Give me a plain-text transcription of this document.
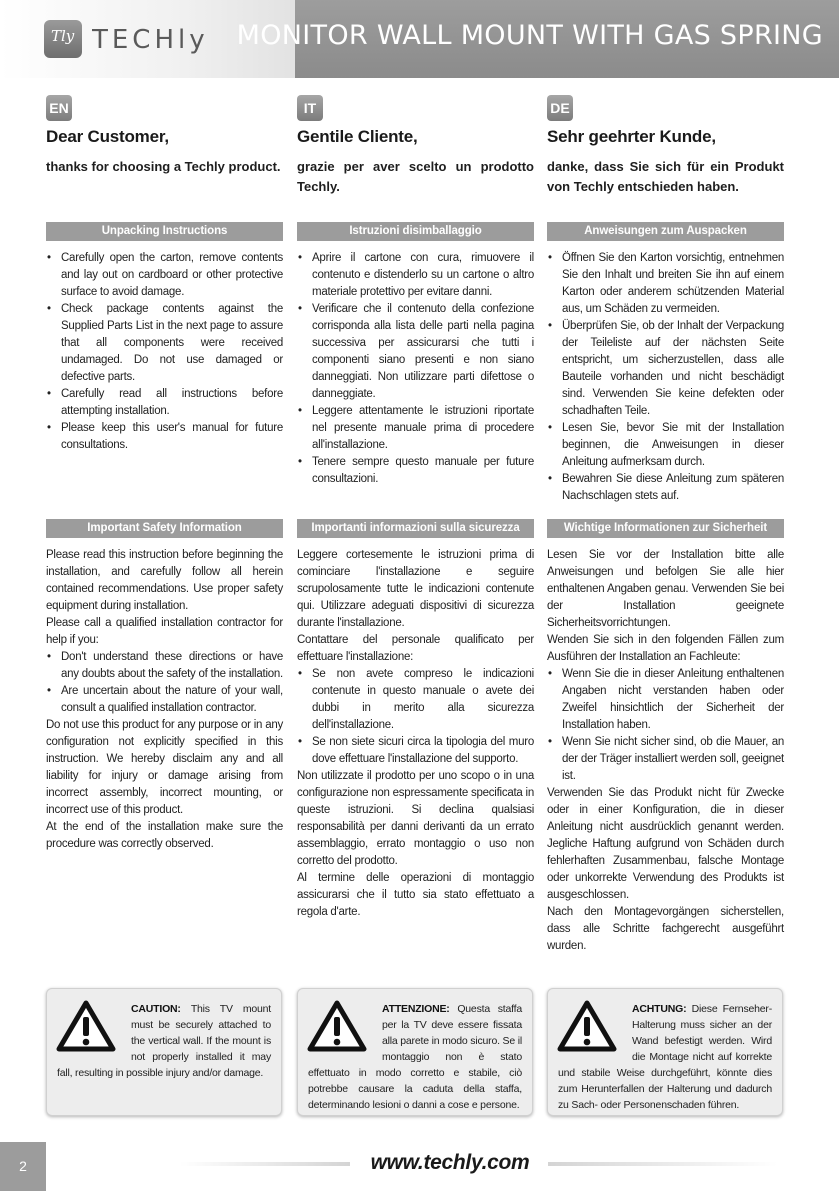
Tly TECHly MONITOR WALL MOUNT WITH GAS SPRING
EN
Dear Customer,
thanks for choosing a Techly product.
Unpacking Instructions
• Carefully open the carton, remove contents and lay out on cardboard or other protective surface to avoid damage.
• Check package contents against the Supplied Parts List in the next page to assure that all components were received undamaged. Do not use damaged or defective parts.
• Carefully read all instructions before attempting installation.
• Please keep this user's manual for future consultations.
Important Safety Information

Please read this instruction before beginning the installation, and carefully follow all herein contained recommendations. Use proper safety equipment during installation.

Please call a qualified installation contractor for help if you:

• Don't understand these directions or have any doubts about the safety of the installation.
• Are uncertain about the nature of your wall, consult a qualified installation contractor.

Do not use this product for any purpose or in any configuration not explicitly specified in this instruction. We hereby disclaim any and all liability for injury or damage arising from incorrect assembly, incorrect mounting, or incorrect use of this product.

At the end of the installation make sure the procedure was correctly observed.

IT
Gentile Cliente,
grazie per aver scelto un prodotto Techly.
Istruzioni disimballaggio
• Aprire il cartone con cura, rimuovere il contenuto e distenderlo su un cartone o altro materiale protettivo per evitare danni.
• Verificare che il contenuto della confezione corrisponda alla lista delle parti nella pagina successiva per assicurarsi che tutti i componenti siano presenti e non siano danneggiati. Non utilizzare parti difettose o danneggiate.
• Leggere attentamente le istruzioni riportate nel presente manuale prima di procedere all'installazione.
• Tenere sempre questo manuale per future consultazioni.
Importanti informazioni sulla sicurezza

Leggere cortesemente le istruzioni prima di cominciare l'installazione e seguire scrupolosamente tutte le indicazioni contenute qui. Utilizzare adeguati dispositivi di sicurezza durante l'installazione.

Contattare del personale qualificato per effettuare l'installazione:

• Se non avete compreso le indicazioni contenute in questo manuale o avete dei dubbi in merito alla sicurezza dell'installazione.
• Se non siete sicuri circa la tipologia del muro dove effettuare l'installazione del supporto.

Non utilizzate il prodotto per uno scopo o in una configurazione non espressamente specificata in queste istruzioni. Si declina qualsiasi responsabilità per danni derivanti da un errato assemblaggio, errato montaggio o uso non corretto del prodotto.

Al termine delle operazioni di montaggio assicurarsi che il tutto sia stato effettuato a regola d'arte.

DE
Sehr geehrter Kunde,
danke, dass Sie sich für ein Produkt von Techly entschieden haben.
Anweisungen zum Auspacken
• Öffnen Sie den Karton vorsichtig, entnehmen Sie den Inhalt und breiten Sie ihn auf einem Karton oder anderem schützenden Material aus, um Schäden zu vermeiden.
• Überprüfen Sie, ob der Inhalt der Verpackung der Teileliste auf der nächsten Seite entspricht, um sicherzustellen, dass alle Bauteile vorhanden und nicht beschädigt sind. Verwenden Sie keine defekten oder schadhaften Teile.
• Lesen Sie, bevor Sie mit der Installation beginnen, die Anweisungen in dieser Anleitung aufmerksam durch.
• Bewahren Sie diese Anleitung zum späteren Nachschlagen stets auf.
Wichtige Informationen zur Sicherheit

Lesen Sie vor der Installation bitte alle Anweisungen und befolgen Sie alle hier enthaltenen Angaben genau. Verwenden Sie bei der Installation geeignete Sicherheitsvorrichtungen.

Wenden Sie sich in den folgenden Fällen zum Ausführen der Installation an Fachleute:

• Wenn Sie die in dieser Anleitung enthaltenen Angaben nicht verstanden haben oder Zweifel hinsichtlich der Sicherheit der Installation haben.
• Wenn Sie nicht sicher sind, ob die Mauer, an der der Träger installiert werden soll, geeignet ist.

Verwenden Sie das Produkt nicht für Zwecke oder in einer Konfiguration, die in dieser Anleitung nicht ausdrücklich genannt werden. Jegliche Haftung aufgrund von Schäden durch fehlerhaften Zusammenbau, falsche Montage oder unkorrekte Verwendung des Produkts ist ausgeschlossen.

Nach den Montagevorgängen sicherstellen, dass alle Schritte fachgerecht ausgeführt wurden.

CAUTION: This TV mount must be securely attached to the vertical wall. If the mount is not properly installed it may fall, resulting in possible injury and/or damage.
ATTENZIONE: Questa staffa per la TV deve essere fissata alla parete in modo sicuro. Se il montaggio non è stato effettuato in modo corretto e stabile, ciò potrebbe causare la caduta della staffa, determinando lesioni o danni a cose e persone.
ACHTUNG: Diese Fernseher-Halterung muss sicher an der Wand befestigt werden. Wird die Montage nicht auf korrekte und stabile Weise durchgeführt, könnte dies zum Herunterfallen der Halterung und dadurch zu Sach- oder Personenschaden führen.
2	www.techly.com
